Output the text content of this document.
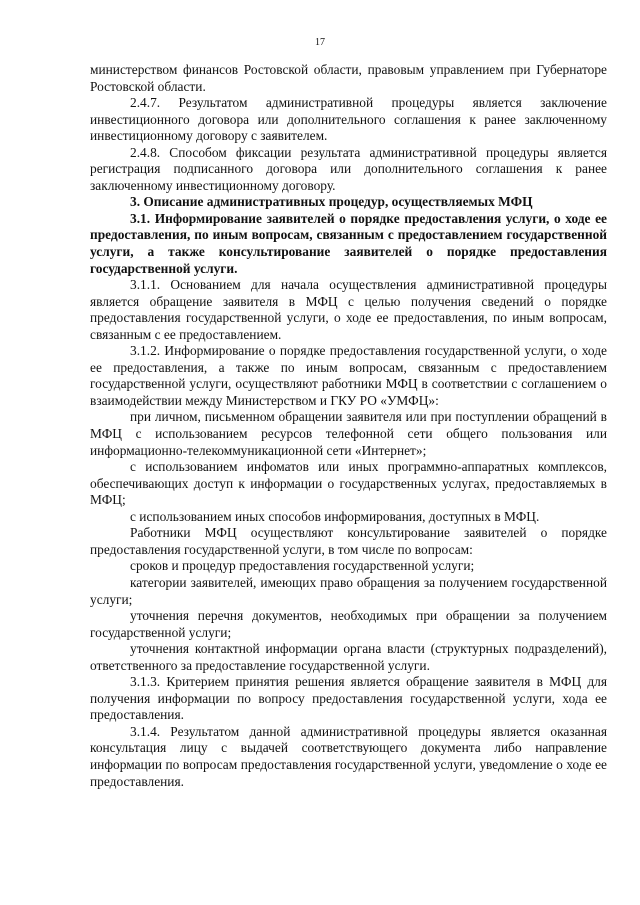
17

министерством финансов Ростовской области, правовым управлением при Губернаторе Ростовской области.

2.4.7. Результатом административной процедуры является заключение инвестиционного договора или дополнительного соглашения к ранее заключенному инвестиционному договору с заявителем.

2.4.8. Способом фиксации результата административной процедуры является регистрация подписанного договора или дополнительного соглашения к ранее заключенному инвестиционному договору.

3. Описание административных процедур, осуществляемых МФЦ

3.1. Информирование заявителей о порядке предоставления услуги, о ходе ее предоставления, по иным вопросам, связанным с предоставлением государственной услуги, а также консультирование заявителей о порядке предоставления государственной услуги.

3.1.1. Основанием для начала осуществления административной процедуры является обращение заявителя в МФЦ с целью получения сведений о порядке предоставления государственной услуги, о ходе ее предоставления, по иным вопросам, связанным с ее предоставлением.

3.1.2. Информирование о порядке предоставления государственной услуги, о ходе ее предоставления, а также по иным вопросам, связанным с предоставлением государственной услуги, осуществляют работники МФЦ в соответствии с соглашением о взаимодействии между Министерством и ГКУ РО «УМФЦ»:

при личном, письменном обращении заявителя или при поступлении обращений в МФЦ с использованием ресурсов телефонной сети общего пользования или информационно-телекоммуникационной сети «Интернет»;

с использованием инфоматов или иных программно-аппаратных комплексов, обеспечивающих доступ к информации о государственных услугах, предоставляемых в МФЦ;

с использованием иных способов информирования, доступных в МФЦ.

Работники МФЦ осуществляют консультирование заявителей о порядке предоставления государственной услуги, в том числе по вопросам:

сроков и процедур предоставления государственной услуги;

категории заявителей, имеющих право обращения за получением государственной услуги;

уточнения перечня документов, необходимых при обращении за получением государственной услуги;

уточнения контактной информации органа власти (структурных подразделений), ответственного за предоставление государственной услуги.

3.1.3. Критерием принятия решения является обращение заявителя в МФЦ для получения информации по вопросу предоставления государственной услуги, хода ее предоставления.

3.1.4. Результатом данной административной процедуры является оказанная консультация лицу с выдачей соответствующего документа либо направление информации по вопросам предоставления государственной услуги, уведомление о ходе ее предоставления.
